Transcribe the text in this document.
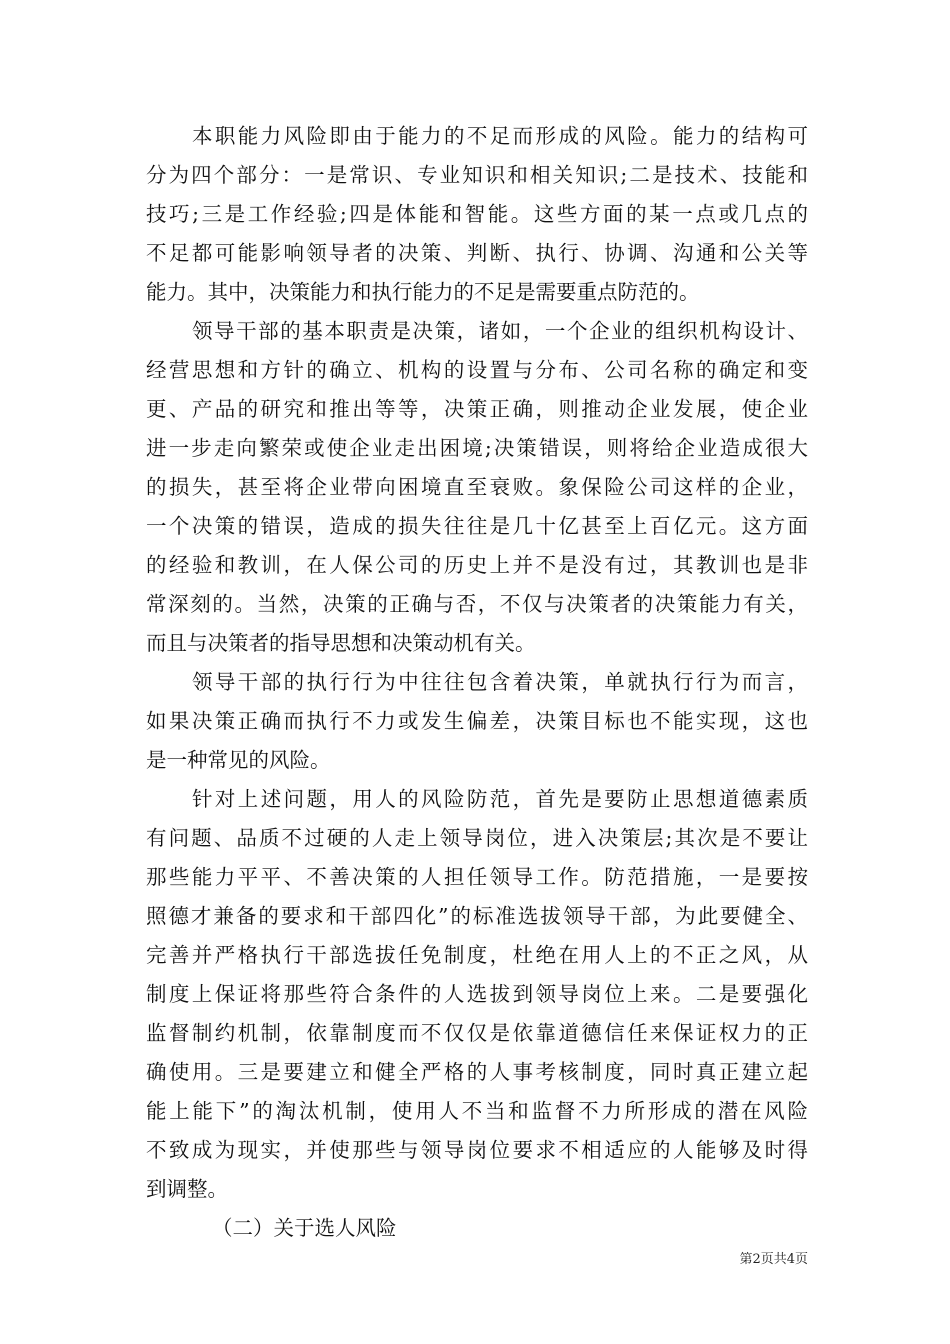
本职能力风险即由于能力的不足而形成的风险。能力的结构可
分为四个部分：一是常识、专业知识和相关知识;二是技术、技能和
技巧;三是工作经验;四是体能和智能。这些方面的某一点或几点的
不足都可能影响领导者的决策、判断、执行、协调、沟通和公关等
能力。其中，决策能力和执行能力的不足是需要重点防范的。
领导干部的基本职责是决策，诸如，一个企业的组织机构设计、
经营思想和方针的确立、机构的设置与分布、公司名称的确定和变
更、产品的研究和推出等等，决策正确，则推动企业发展，使企业
进一步走向繁荣或使企业走出困境;决策错误，则将给企业造成很大
的损失，甚至将企业带向困境直至衰败。象保险公司这样的企业，
一个决策的错误，造成的损失往往是几十亿甚至上百亿元。这方面
的经验和教训，在人保公司的历史上并不是没有过，其教训也是非
常深刻的。当然，决策的正确与否，不仅与决策者的决策能力有关，
而且与决策者的指导思想和决策动机有关。
领导干部的执行行为中往往包含着决策，单就执行行为而言，
如果决策正确而执行不力或发生偏差，决策目标也不能实现，这也
是一种常见的风险。
针对上述问题，用人的风险防范，首先是要防止思想道德素质
有问题、品质不过硬的人走上领导岗位，进入决策层;其次是不要让
那些能力平平、不善决策的人担任领导工作。防范措施，一是要按
照德才兼备的要求和干部四化”的标准选拔领导干部，为此要健全、
完善并严格执行干部选拔任免制度，杜绝在用人上的不正之风，从
制度上保证将那些符合条件的人选拔到领导岗位上来。二是要强化
监督制约机制，依靠制度而不仅仅是依靠道德信任来保证权力的正
确使用。三是要建立和健全严格的人事考核制度，同时真正建立起
能上能下”的淘汰机制，使用人不当和监督不力所形成的潜在风险
不致成为现实，并使那些与领导岗位要求不相适应的人能够及时得
到调整。
（二）关于选人风险
第2页共4页
